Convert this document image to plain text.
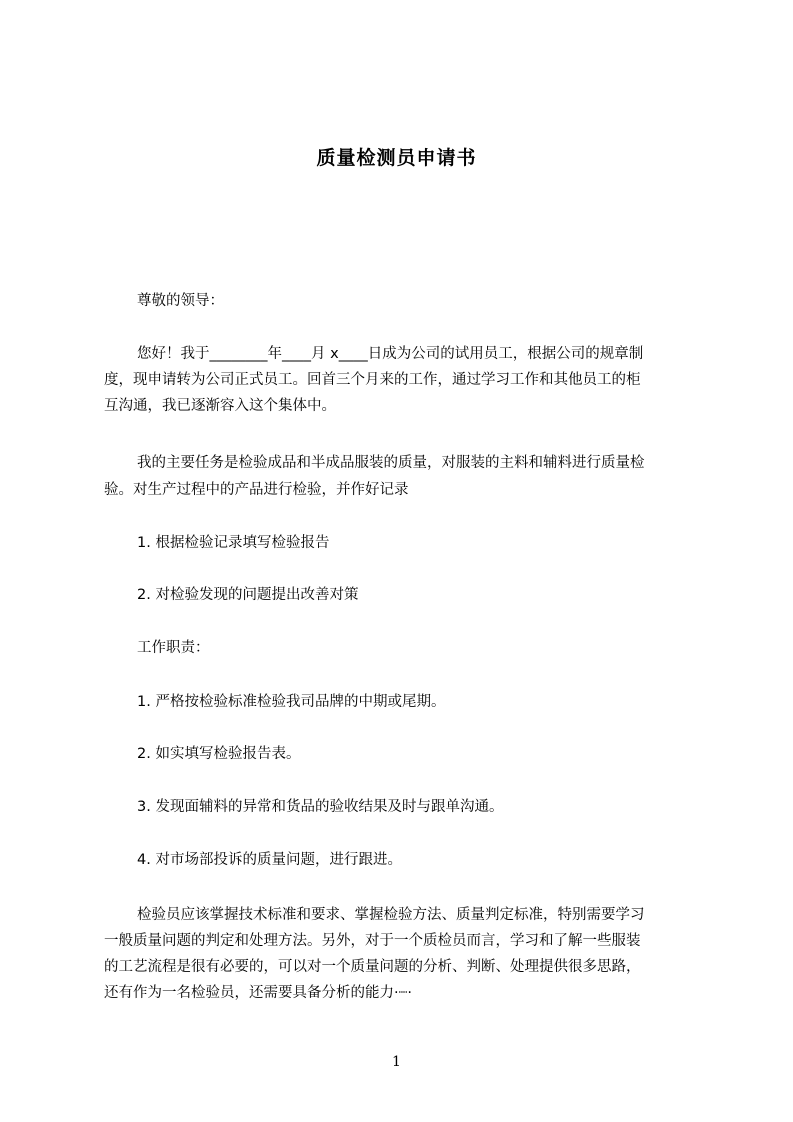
质量检测员申请书
尊敬的领导：
您好！我于________年____月 x____日成为公司的试用员工，根据公司的规章制
度，现申请转为公司正式员工。回首三个月来的工作，通过学习工作和其他员工的柜
互沟通，我已逐渐容入这个集体中。
我的主要任务是检验成品和半成品服装的质量，对服装的主料和辅料进行质量检
验。对生产过程中的产品进行检验，并作好记录
1. 根据检验记录填写检验报告
2. 对检验发现的问题提出改善对策
工作职责：
1. 严格按检验标准检验我司品牌的中期或尾期。
2. 如实填写检验报告表。
3. 发现面辅料的异常和货品的验收结果及时与跟单沟通。
4. 对市场部投诉的质量问题，进行跟进。
检验员应该掌握技术标准和要求、掌握检验方法、质量判定标准，特别需要学习
一般质量问题的判定和处理方法。另外，对于一个质检员而言，学习和了解一些服装
的工艺流程是很有必要的，可以对一个质量问题的分析、判断、处理提供很多思路，
还有作为一名检验员，还需要具备分析的能力·┈·
1
